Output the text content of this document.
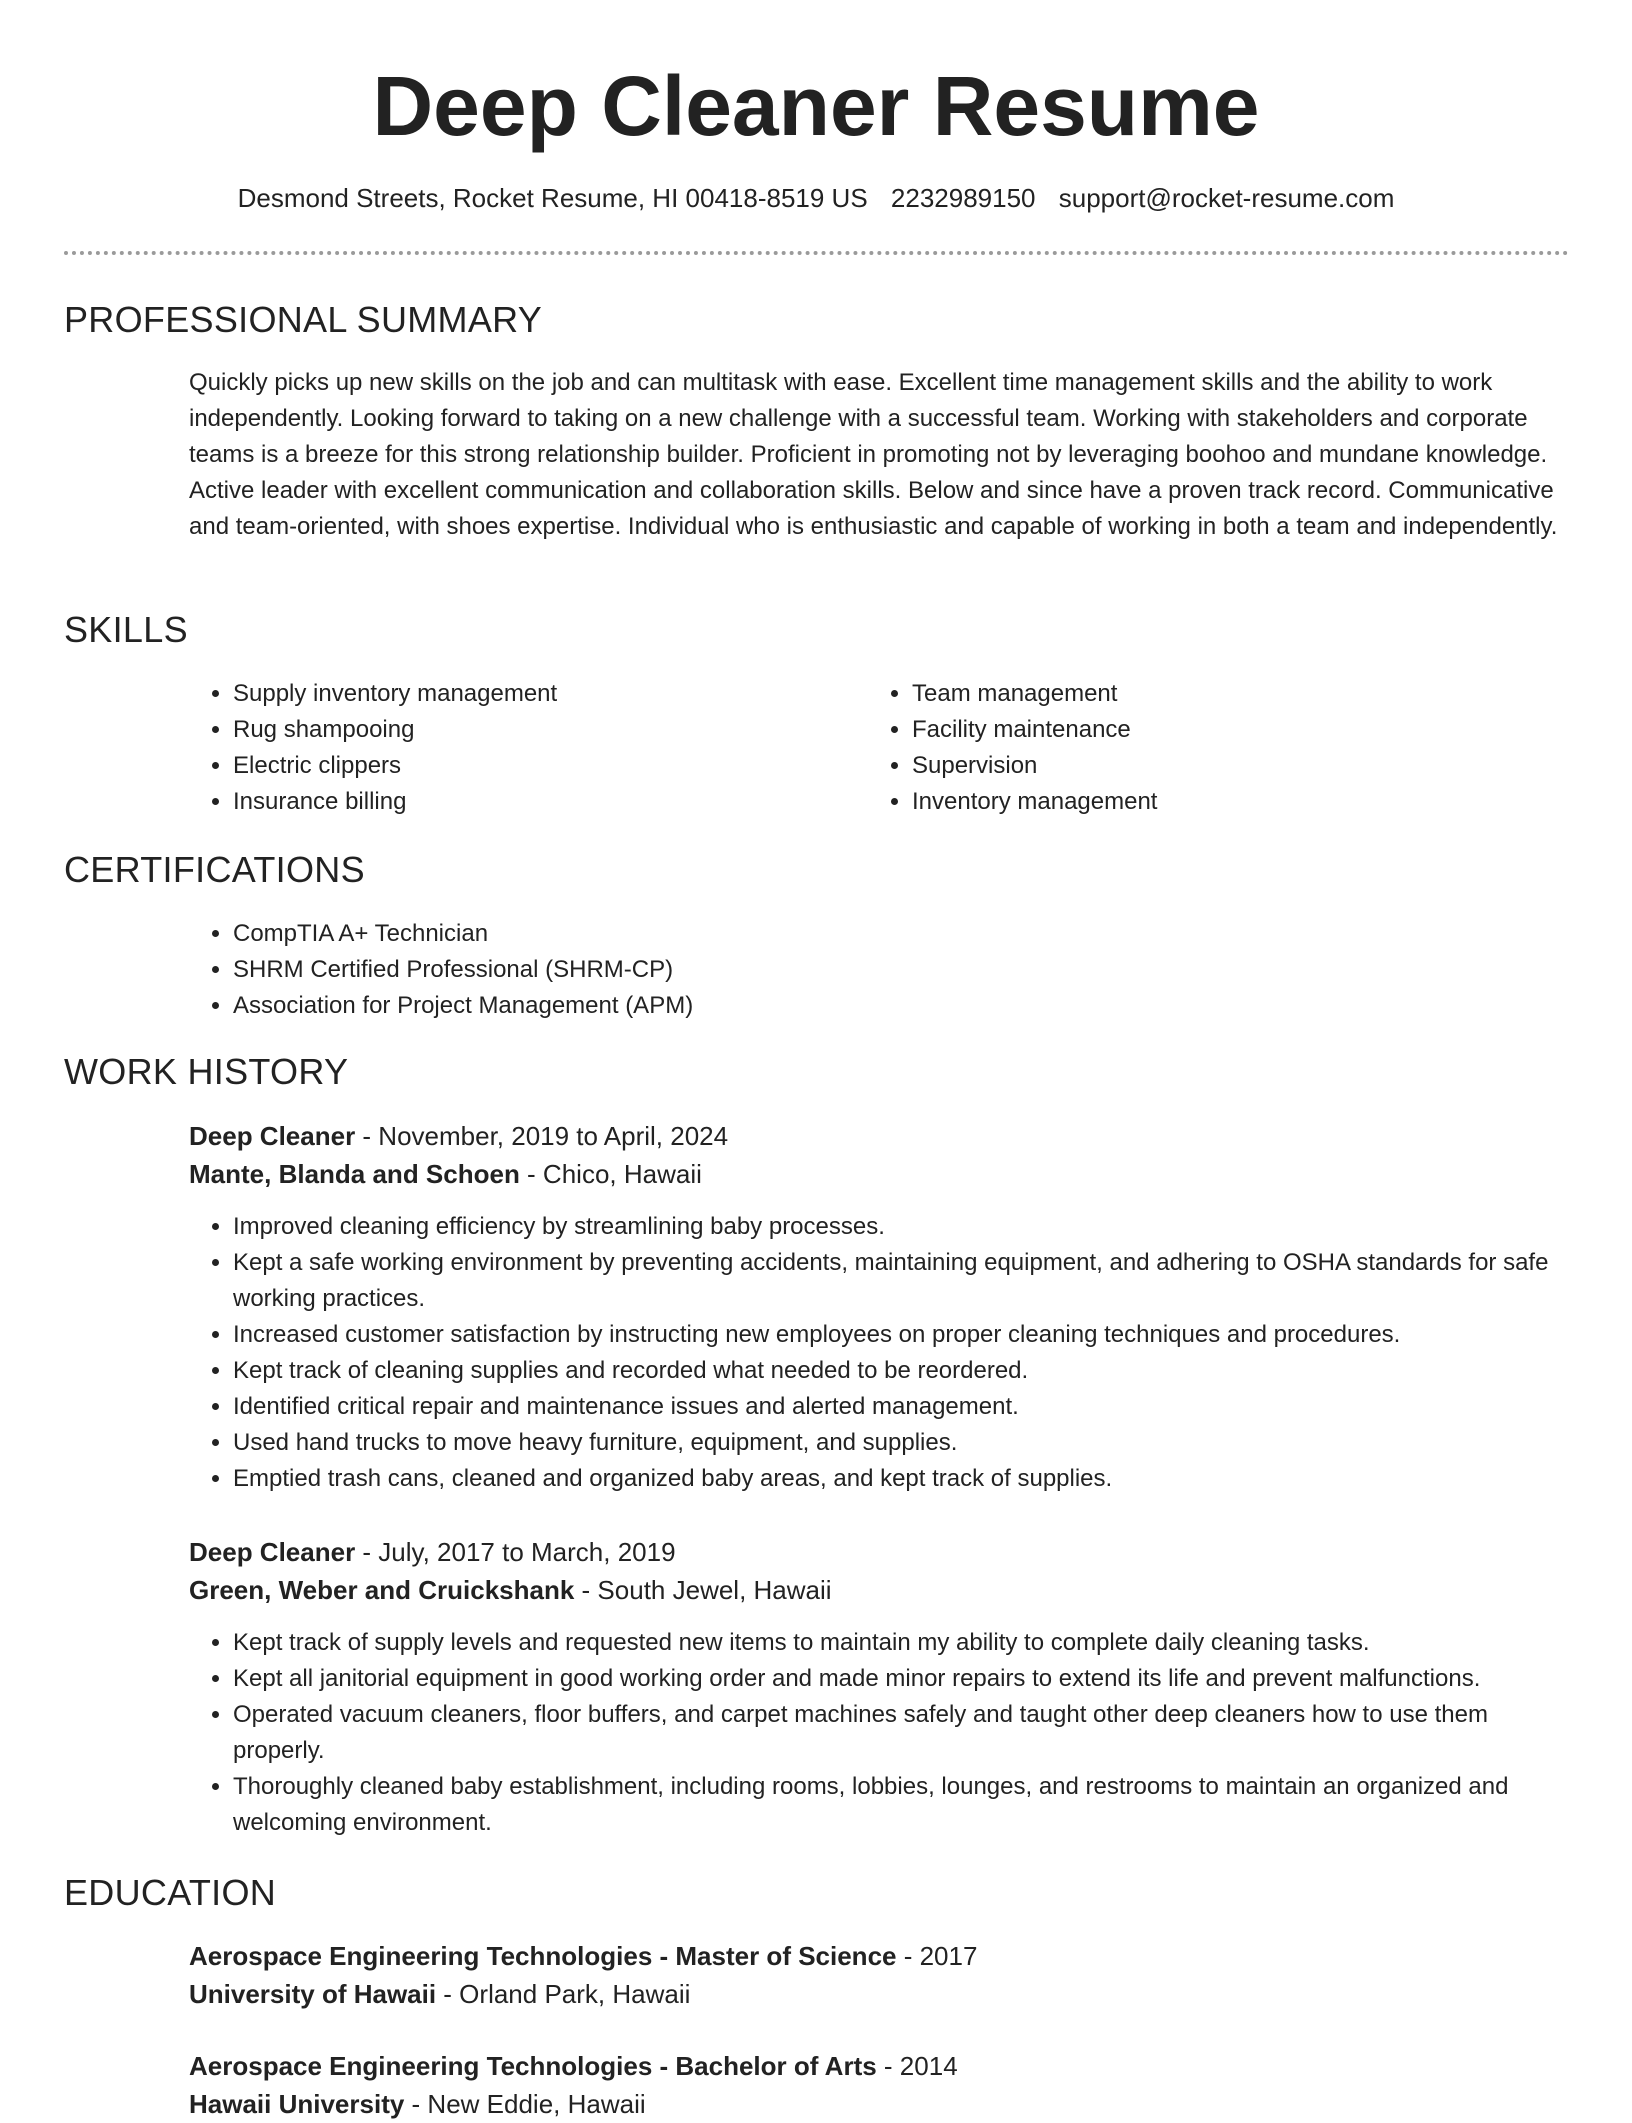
Deep Cleaner Resume
Desmond Streets, Rocket Resume, HI 00418-8519 US 2232989150 support@rocket-resume.com
PROFESSIONAL SUMMARY
Quickly picks up new skills on the job and can multitask with ease. Excellent time management skills and the ability to work independently. Looking forward to taking on a new challenge with a successful team. Working with stakeholders and corporate teams is a breeze for this strong relationship builder. Proficient in promoting not by leveraging boohoo and mundane knowledge. Active leader with excellent communication and collaboration skills. Below and since have a proven track record. Communicative and team-oriented, with shoes expertise. Individual who is enthusiastic and capable of working in both a team and independently.
SKILLS
• Supply inventory management
• Rug shampooing
• Electric clippers
• Insurance billing
• Team management
• Facility maintenance
• Supervision
• Inventory management
CERTIFICATIONS
• CompTIA A+ Technician
• SHRM Certified Professional (SHRM-CP)
• Association for Project Management (APM)
WORK HISTORY
Deep Cleaner - November, 2019 to April, 2024
Mante, Blanda and Schoen - Chico, Hawaii
• Improved cleaning efficiency by streamlining baby processes.
• Kept a safe working environment by preventing accidents, maintaining equipment, and adhering to OSHA standards for safe working practices.
• Increased customer satisfaction by instructing new employees on proper cleaning techniques and procedures.
• Kept track of cleaning supplies and recorded what needed to be reordered.
• Identified critical repair and maintenance issues and alerted management.
• Used hand trucks to move heavy furniture, equipment, and supplies.
• Emptied trash cans, cleaned and organized baby areas, and kept track of supplies.
Deep Cleaner - July, 2017 to March, 2019
Green, Weber and Cruickshank - South Jewel, Hawaii
• Kept track of supply levels and requested new items to maintain my ability to complete daily cleaning tasks.
• Kept all janitorial equipment in good working order and made minor repairs to extend its life and prevent malfunctions.
• Operated vacuum cleaners, floor buffers, and carpet machines safely and taught other deep cleaners how to use them properly.
• Thoroughly cleaned baby establishment, including rooms, lobbies, lounges, and restrooms to maintain an organized and welcoming environment.
EDUCATION
Aerospace Engineering Technologies - Master of Science - 2017
University of Hawaii - Orland Park, Hawaii
Aerospace Engineering Technologies - Bachelor of Arts - 2014
Hawaii University - New Eddie, Hawaii
